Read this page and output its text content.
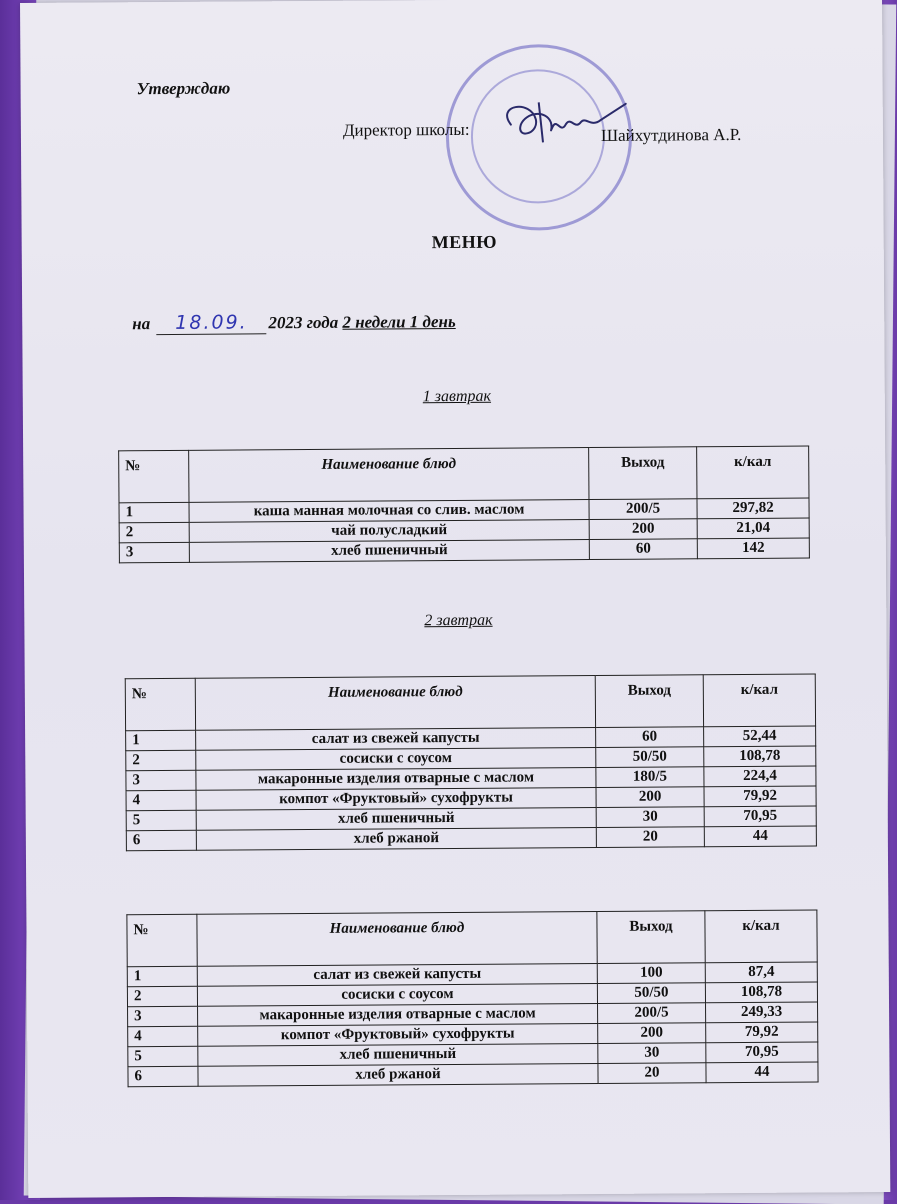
Утверждаю
Директор школы:	Шайхутдинова А.Р.
МЕНЮ
на 18.09. 2023 года 2 недели 1 день
1 завтрак
№	Наименование блюд	Выход	к/кал
1	каша манная молочная со слив. маслом	200/5	297,82
2	чай полусладкий	200	21,04
3	хлеб пшеничный	60	142
2 завтрак
№	Наименование блюд	Выход	к/кал
1	салат из свежей капусты	60	52,44
2	сосиски с соусом	50/50	108,78
3	макаронные изделия отварные с маслом	180/5	224,4
4	компот «Фруктовый» сухофрукты	200	79,92
5	хлеб пшеничный	30	70,95
6	хлеб ржаной	20	44
№	Наименование блюд	Выход	к/кал
1	салат из свежей капусты	100	87,4
2	сосиски с соусом	50/50	108,78
3	макаронные изделия отварные с маслом	200/5	249,33
4	компот «Фруктовый» сухофрукты	200	79,92
5	хлеб пшеничный	30	70,95
6	хлеб ржаной	20	44
